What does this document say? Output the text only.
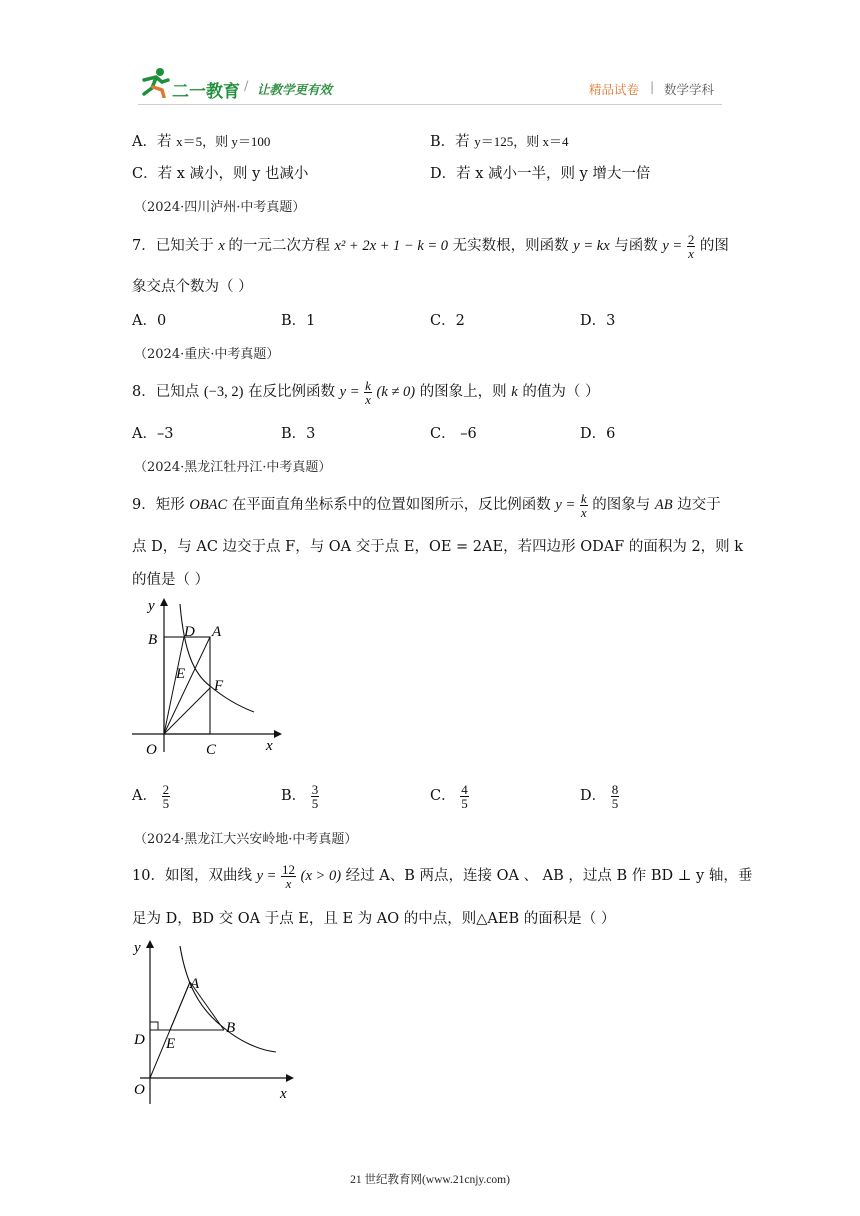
二一教育 / 让教学更有效	精品试卷 | 数学学科
A．若 x＝5，则 y＝100	B．若 y＝125，则 x＝4
C．若 x 减小，则 y 也减小	D．若 x 减小一半，则 y 增大一倍
（2024·四川泸州·中考真题）
7．已知关于 x 的一元二次方程 x² + 2x + 1 − k = 0 无实数根，则函数 y = kx 与函数 $y = \frac{2}{x}$ 的图
象交点个数为（ ）
A．0	B．1	C．2	D．3
（2024·重庆·中考真题）
8．已知点 (−3, 2) 在反比例函数 $y = \frac{k}{x} (k \ne 0)$ 的图象上，则 k 的值为（ ）
A．–3	B．3	C． –6	D．6
（2024·黑龙江牡丹江·中考真题）
9．矩形 OBAC 在平面直角坐标系中的位置如图所示，反比例函数 $y = \frac{k}{x}$ 的图象与 AB 边交于
点 D，与 AC 边交于点 F，与 OA 交于点 E，OE = 2AE，若四边形 ODAF 的面积为 2，则 k
的值是（ ）
y
x
O
B D A
E
F
C
A． $\frac{2}{5}$	B． $\frac{3}{5}$	C． $\frac{4}{5}$	D． $\frac{8}{5}$
（2024·黑龙江大兴安岭地·中考真题）
10．如图，双曲线 $y = \frac{12}{x} (x > 0)$ 经过 A、B 两点，连接 OA 、 AB ，过点 B 作 BD ⊥ y 轴，垂
足为 D，BD 交 OA 于点 E，且 E 为 AO 的中点，则△AEB 的面积是（ ）
y
x
O
A
B
D E
21 世纪教育网(www.21cnjy.com)
